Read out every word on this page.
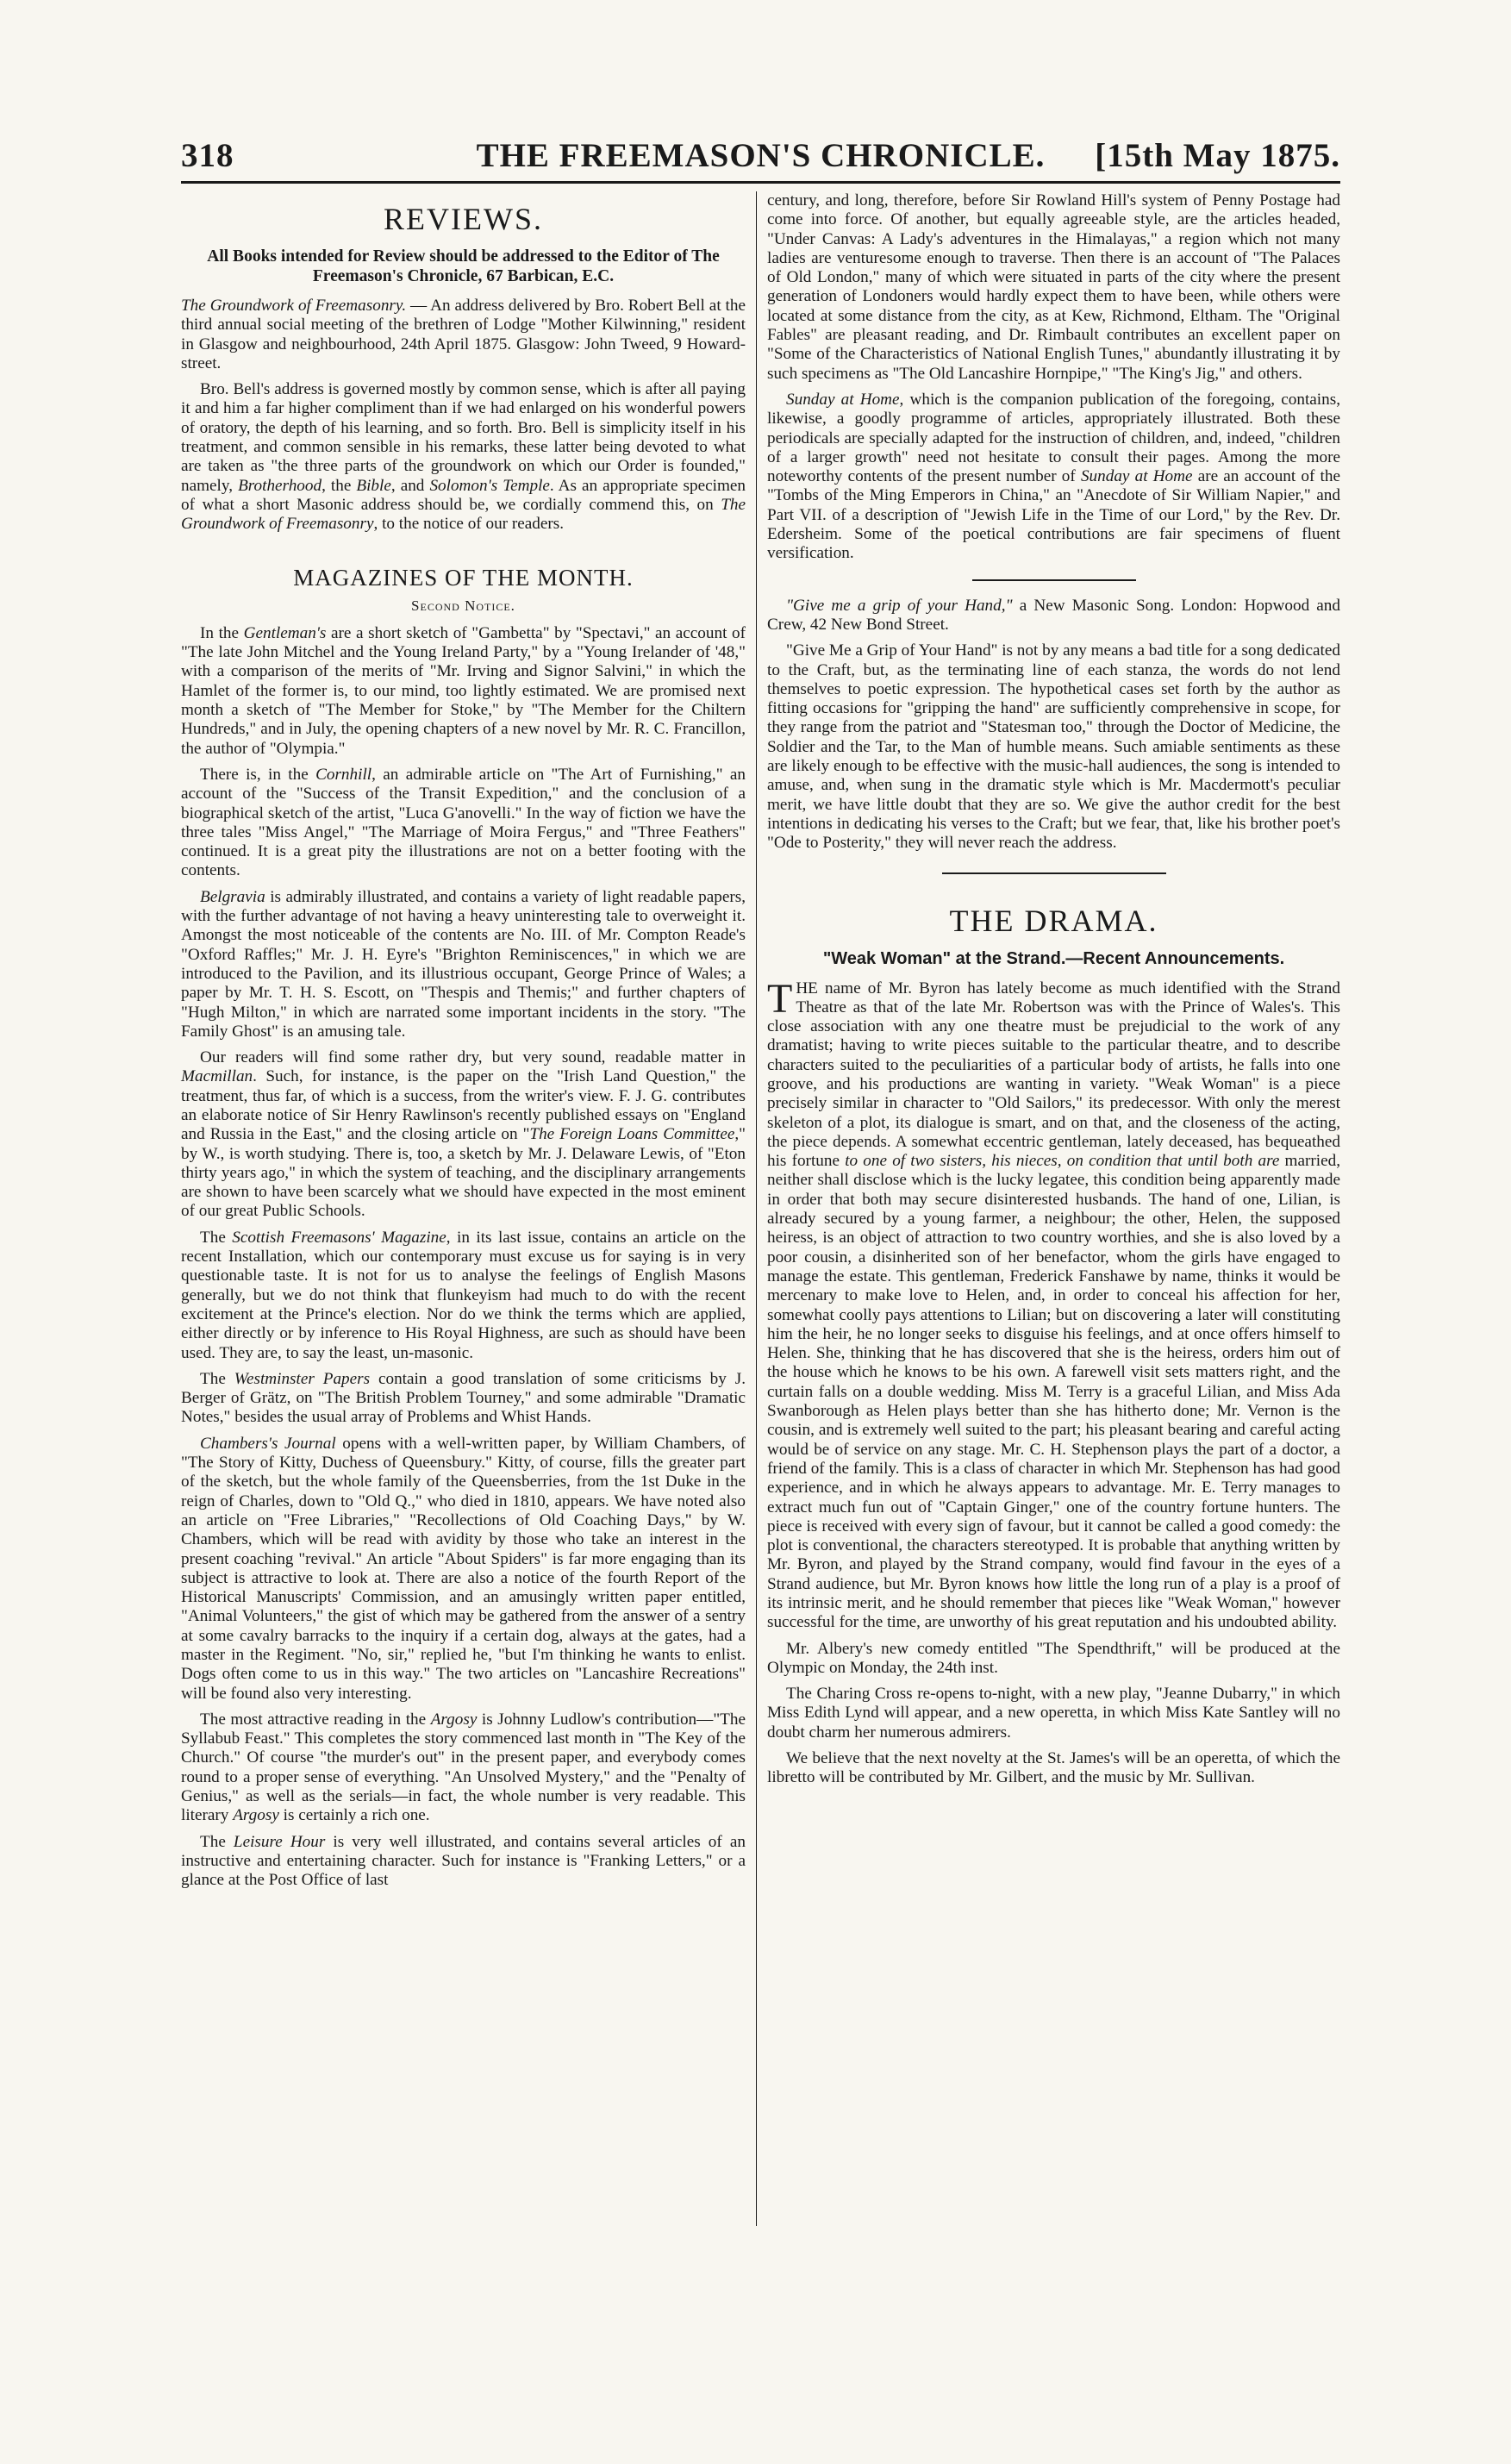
318	THE FREEMASON'S CHRONICLE.	[15th May 1875.
REVIEWS.
All Books intended for Review should be addressed to the Editor of The Freemason's Chronicle, 67 Barbican, E.C.

The Groundwork of Freemasonry. — An address delivered by Bro. Robert Bell at the third annual social meeting of the brethren of Lodge "Mother Kilwinning," resident in Glasgow and neighbourhood, 24th April 1875. Glasgow: John Tweed, 9 Howard-street.

Bro. Bell's address is governed mostly by common sense, which is after all paying it and him a far higher compliment than if we had enlarged on his wonderful powers of oratory, the depth of his learning, and so forth. Bro. Bell is simplicity itself in his treatment, and common sensible in his remarks, these latter being devoted to what are taken as "the three parts of the groundwork on which our Order is founded," namely, Brotherhood, the Bible, and Solomon's Temple. As an appropriate specimen of what a short Masonic address should be, we cordially commend this, on The Groundwork of Freemasonry, to the notice of our readers.

MAGAZINES OF THE MONTH.
Second Notice.

In the Gentleman's are a short sketch of "Gambetta" by "Spectavi," an account of "The late John Mitchel and the Young Ireland Party," by a "Young Irelander of '48," with a comparison of the merits of "Mr. Irving and Signor Salvini," in which the Hamlet of the former is, to our mind, too lightly estimated. We are promised next month a sketch of "The Member for Stoke," by "The Member for the Chiltern Hundreds," and in July, the opening chapters of a new novel by Mr. R. C. Francillon, the author of "Olympia."

There is, in the Cornhill, an admirable article on "The Art of Furnishing," an account of the "Success of the Transit Expedition," and the conclusion of a biographical sketch of the artist, "Luca G'anovelli." In the way of fiction we have the three tales "Miss Angel," "The Marriage of Moira Fergus," and "Three Feathers" continued. It is a great pity the illustrations are not on a better footing with the contents.

Belgravia is admirably illustrated, and contains a variety of light readable papers, with the further advantage of not having a heavy uninteresting tale to overweight it. Amongst the most noticeable of the contents are No. III. of Mr. Compton Reade's "Oxford Raffles;" Mr. J. H. Eyre's "Brighton Reminiscences," in which we are introduced to the Pavilion, and its illustrious occupant, George Prince of Wales; a paper by Mr. T. H. S. Escott, on "Thespis and Themis;" and further chapters of "Hugh Milton," in which are narrated some important incidents in the story. "The Family Ghost" is an amusing tale.

Our readers will find some rather dry, but very sound, readable matter in Macmillan. Such, for instance, is the paper on the "Irish Land Question," the treatment, thus far, of which is a success, from the writer's view. F. J. G. contributes an elaborate notice of Sir Henry Rawlinson's recently published essays on "England and Russia in the East," and the closing article on "The Foreign Loans Committee," by W., is worth studying. There is, too, a sketch by Mr. J. Delaware Lewis, of "Eton thirty years ago," in which the system of teaching, and the disciplinary arrangements are shown to have been scarcely what we should have expected in the most eminent of our great Public Schools.

The Scottish Freemasons' Magazine, in its last issue, contains an article on the recent Installation, which our contemporary must excuse us for saying is in very questionable taste. It is not for us to analyse the feelings of English Masons generally, but we do not think that flunkeyism had much to do with the recent excitement at the Prince's election. Nor do we think the terms which are applied, either directly or by inference to His Royal Highness, are such as should have been used. They are, to say the least, un-masonic.

The Westminster Papers contain a good translation of some criticisms by J. Berger of Grätz, on "The British Problem Tourney," and some admirable "Dramatic Notes," besides the usual array of Problems and Whist Hands.

Chambers's Journal opens with a well-written paper, by William Chambers, of "The Story of Kitty, Duchess of Queensbury." Kitty, of course, fills the greater part of the sketch, but the whole family of the Queensberries, from the 1st Duke in the reign of Charles, down to "Old Q.," who died in 1810, appears. We have noted also an article on "Free Libraries," "Recollections of Old Coaching Days," by W. Chambers, which will be read with avidity by those who take an interest in the present coaching "revival." An article "About Spiders" is far more engaging than its subject is attractive to look at. There are also a notice of the fourth Report of the Historical Manuscripts' Commission, and an amusingly written paper entitled, "Animal Volunteers," the gist of which may be gathered from the answer of a sentry at some cavalry barracks to the inquiry if a certain dog, always at the gates, had a master in the Regiment. "No, sir," replied he, "but I'm thinking he wants to enlist. Dogs often come to us in this way." The two articles on "Lancashire Recreations" will be found also very interesting.

The most attractive reading in the Argosy is Johnny Ludlow's contribution—"The Syllabub Feast." This completes the story commenced last month in "The Key of the Church." Of course "the murder's out" in the present paper, and everybody comes round to a proper sense of everything. "An Unsolved Mystery," and the "Penalty of Genius," as well as the serials—in fact, the whole number is very readable. This literary Argosy is certainly a rich one.

The Leisure Hour is very well illustrated, and contains several articles of an instructive and entertaining character. Such for instance is "Franking Letters," or a glance at the Post Office of last

century, and long, therefore, before Sir Rowland Hill's system of Penny Postage had come into force. Of another, but equally agreeable style, are the articles headed, "Under Canvas: A Lady's adventures in the Himalayas," a region which not many ladies are venturesome enough to traverse. Then there is an account of "The Palaces of Old London," many of which were situated in parts of the city where the present generation of Londoners would hardly expect them to have been, while others were located at some distance from the city, as at Kew, Richmond, Eltham. The "Original Fables" are pleasant reading, and Dr. Rimbault contributes an excellent paper on "Some of the Characteristics of National English Tunes," abundantly illustrating it by such specimens as "The Old Lancashire Hornpipe," "The King's Jig," and others.

Sunday at Home, which is the companion publication of the foregoing, contains, likewise, a goodly programme of articles, appropriately illustrated. Both these periodicals are specially adapted for the instruction of children, and, indeed, "children of a larger growth" need not hesitate to consult their pages. Among the more noteworthy contents of the present number of Sunday at Home are an account of the "Tombs of the Ming Emperors in China," an "Anecdote of Sir William Napier," and Part VII. of a description of "Jewish Life in the Time of our Lord," by the Rev. Dr. Edersheim. Some of the poetical contributions are fair specimens of fluent versification.

"Give me a grip of your Hand," a New Masonic Song. London: Hopwood and Crew, 42 New Bond Street.

"Give Me a Grip of Your Hand" is not by any means a bad title for a song dedicated to the Craft, but, as the terminating line of each stanza, the words do not lend themselves to poetic expression. The hypothetical cases set forth by the author as fitting occasions for "gripping the hand" are sufficiently comprehensive in scope, for they range from the patriot and "Statesman too," through the Doctor of Medicine, the Soldier and the Tar, to the Man of humble means. Such amiable sentiments as these are likely enough to be effective with the music-hall audiences, the song is intended to amuse, and, when sung in the dramatic style which is Mr. Macdermott's peculiar merit, we have little doubt that they are so. We give the author credit for the best intentions in dedicating his verses to the Craft; but we fear, that, like his brother poet's "Ode to Posterity," they will never reach the address.

THE DRAMA.
"Weak Woman" at the Strand.—Recent Announcements.

THE name of Mr. Byron has lately become as much identified with the Strand Theatre as that of the late Mr. Robertson was with the Prince of Wales's. This close association with any one theatre must be prejudicial to the work of any dramatist; having to write pieces suitable to the particular theatre, and to describe characters suited to the peculiarities of a particular body of artists, he falls into one groove, and his productions are wanting in variety. "Weak Woman" is a piece precisely similar in character to "Old Sailors," its predecessor. With only the merest skeleton of a plot, its dialogue is smart, and on that, and the closeness of the acting, the piece depends. A somewhat eccentric gentleman, lately deceased, has bequeathed his fortune to one of two sisters, his nieces, on condition that until both are married, neither shall disclose which is the lucky legatee, this condition being apparently made in order that both may secure disinterested husbands. The hand of one, Lilian, is already secured by a young farmer, a neighbour; the other, Helen, the supposed heiress, is an object of attraction to two country worthies, and she is also loved by a poor cousin, a disinherited son of her benefactor, whom the girls have engaged to manage the estate. This gentleman, Frederick Fanshawe by name, thinks it would be mercenary to make love to Helen, and, in order to conceal his affection for her, somewhat coolly pays attentions to Lilian; but on discovering a later will constituting him the heir, he no longer seeks to disguise his feelings, and at once offers himself to Helen. She, thinking that he has discovered that she is the heiress, orders him out of the house which he knows to be his own. A farewell visit sets matters right, and the curtain falls on a double wedding. Miss M. Terry is a graceful Lilian, and Miss Ada Swanborough as Helen plays better than she has hitherto done; Mr. Vernon is the cousin, and is extremely well suited to the part; his pleasant bearing and careful acting would be of service on any stage. Mr. C. H. Stephenson plays the part of a doctor, a friend of the family. This is a class of character in which Mr. Stephenson has had good experience, and in which he always appears to advantage. Mr. E. Terry manages to extract much fun out of "Captain Ginger," one of the country fortune hunters. The piece is received with every sign of favour, but it cannot be called a good comedy: the plot is conventional, the characters stereotyped. It is probable that anything written by Mr. Byron, and played by the Strand company, would find favour in the eyes of a Strand audience, but Mr. Byron knows how little the long run of a play is a proof of its intrinsic merit, and he should remember that pieces like "Weak Woman," however successful for the time, are unworthy of his great reputation and his undoubted ability.

Mr. Albery's new comedy entitled "The Spendthrift," will be produced at the Olympic on Monday, the 24th inst.

The Charing Cross re-opens to-night, with a new play, "Jeanne Dubarry," in which Miss Edith Lynd will appear, and a new operetta, in which Miss Kate Santley will no doubt charm her numerous admirers.

We believe that the next novelty at the St. James's will be an operetta, of which the libretto will be contributed by Mr. Gilbert, and the music by Mr. Sullivan.
